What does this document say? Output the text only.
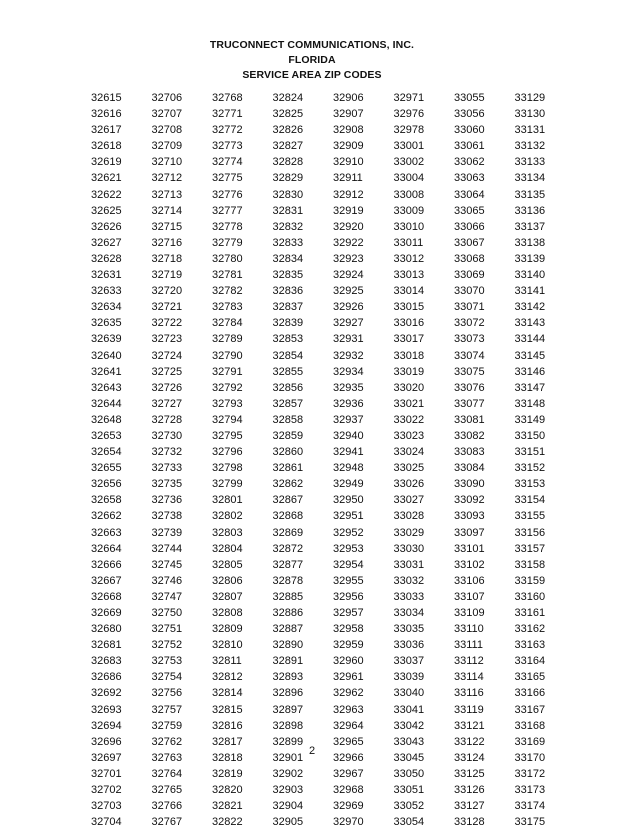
TRUCONNECT COMMUNICATIONS, INC.
FLORIDA
SERVICE AREA ZIP CODES
32615	32706	32768	32824	32906	32971	33055	33129
32616	32707	32771	32825	32907	32976	33056	33130
32617	32708	32772	32826	32908	32978	33060	33131
32618	32709	32773	32827	32909	33001	33061	33132
32619	32710	32774	32828	32910	33002	33062	33133
32621	32712	32775	32829	32911	33004	33063	33134
32622	32713	32776	32830	32912	33008	33064	33135
32625	32714	32777	32831	32919	33009	33065	33136
32626	32715	32778	32832	32920	33010	33066	33137
32627	32716	32779	32833	32922	33011	33067	33138
32628	32718	32780	32834	32923	33012	33068	33139
32631	32719	32781	32835	32924	33013	33069	33140
32633	32720	32782	32836	32925	33014	33070	33141
32634	32721	32783	32837	32926	33015	33071	33142
32635	32722	32784	32839	32927	33016	33072	33143
32639	32723	32789	32853	32931	33017	33073	33144
32640	32724	32790	32854	32932	33018	33074	33145
32641	32725	32791	32855	32934	33019	33075	33146
32643	32726	32792	32856	32935	33020	33076	33147
32644	32727	32793	32857	32936	33021	33077	33148
32648	32728	32794	32858	32937	33022	33081	33149
32653	32730	32795	32859	32940	33023	33082	33150
32654	32732	32796	32860	32941	33024	33083	33151
32655	32733	32798	32861	32948	33025	33084	33152
32656	32735	32799	32862	32949	33026	33090	33153
32658	32736	32801	32867	32950	33027	33092	33154
32662	32738	32802	32868	32951	33028	33093	33155
32663	32739	32803	32869	32952	33029	33097	33156
32664	32744	32804	32872	32953	33030	33101	33157
32666	32745	32805	32877	32954	33031	33102	33158
32667	32746	32806	32878	32955	33032	33106	33159
32668	32747	32807	32885	32956	33033	33107	33160
32669	32750	32808	32886	32957	33034	33109	33161
32680	32751	32809	32887	32958	33035	33110	33162
32681	32752	32810	32890	32959	33036	33111	33163
32683	32753	32811	32891	32960	33037	33112	33164
32686	32754	32812	32893	32961	33039	33114	33165
32692	32756	32814	32896	32962	33040	33116	33166
32693	32757	32815	32897	32963	33041	33119	33167
32694	32759	32816	32898	32964	33042	33121	33168
32696	32762	32817	32899	32965	33043	33122	33169
32697	32763	32818	32901	32966	33045	33124	33170
32701	32764	32819	32902	32967	33050	33125	33172
32702	32765	32820	32903	32968	33051	33126	33173
32703	32766	32821	32904	32969	33052	33127	33174
32704	32767	32822	32905	32970	33054	33128	33175
2
